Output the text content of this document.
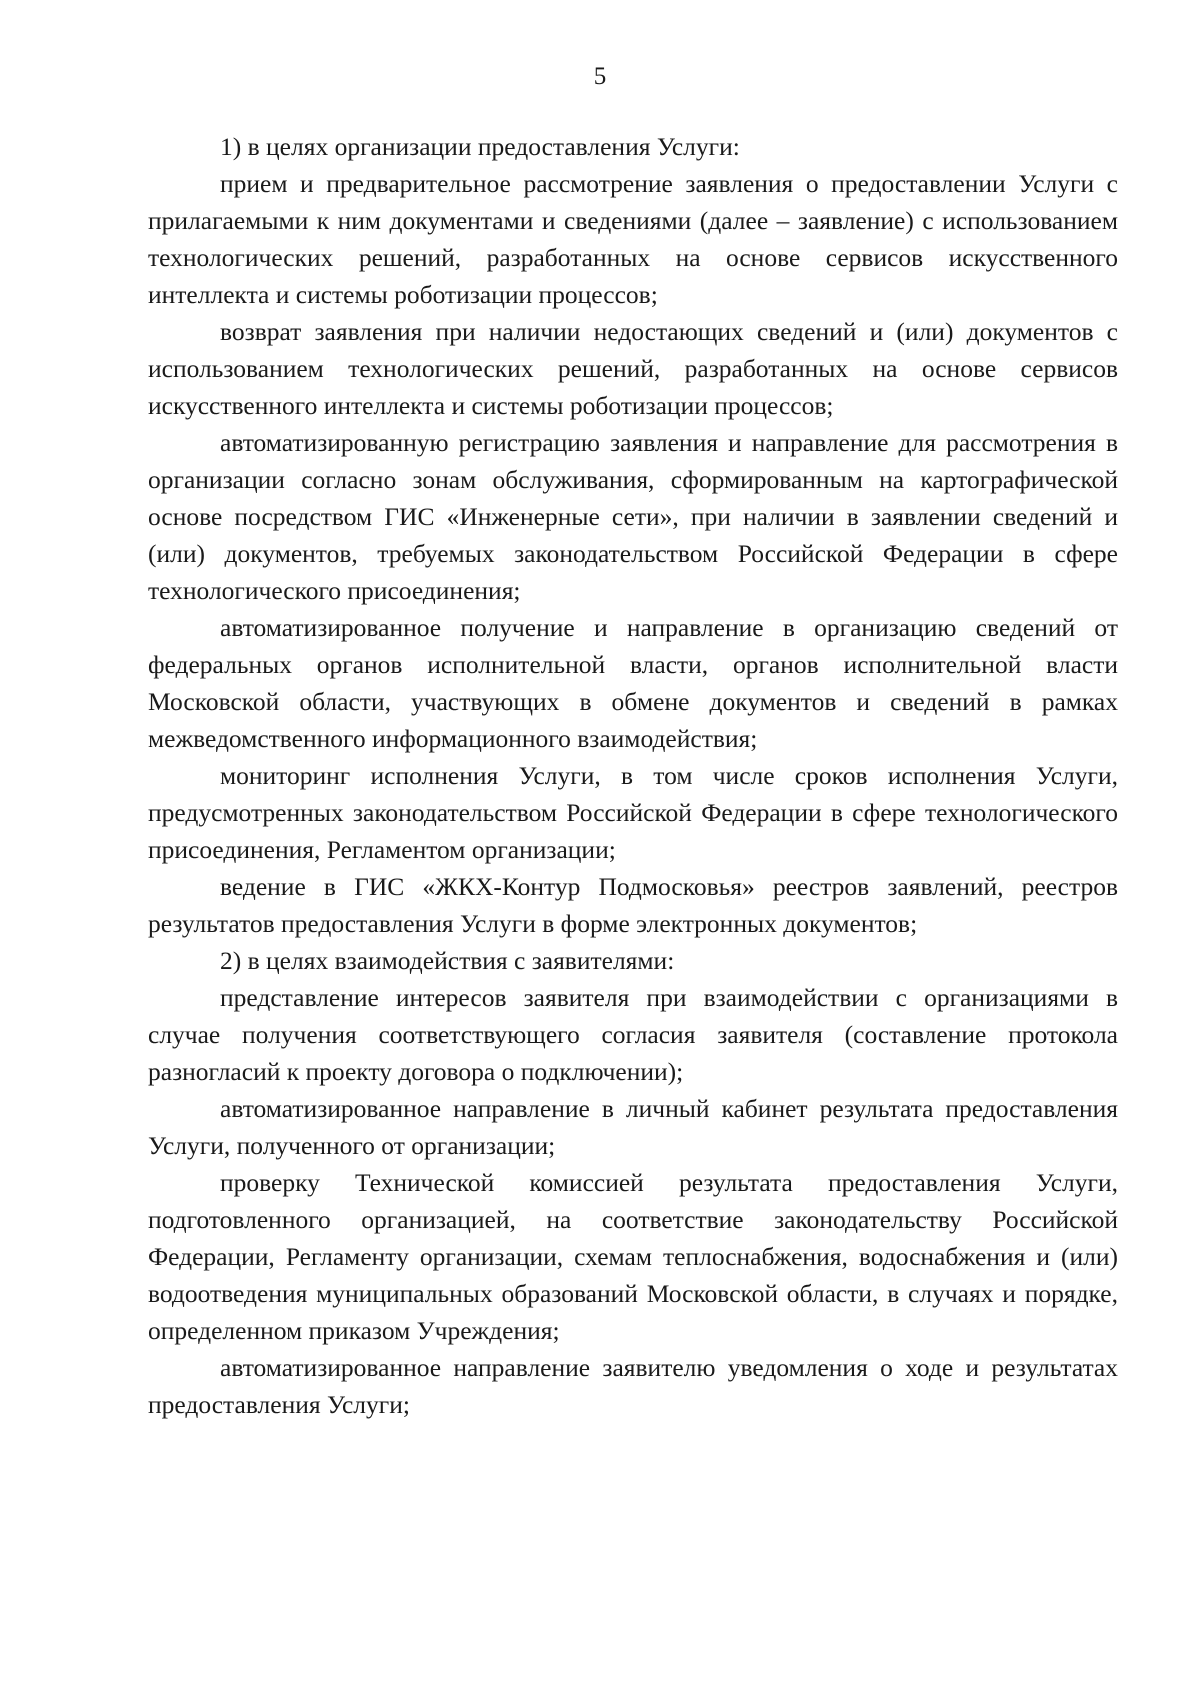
5

1) в целях организации предоставления Услуги:

прием и предварительное рассмотрение заявления о предоставлении Услуги с прилагаемыми к ним документами и сведениями (далее – заявление) с использованием технологических решений, разработанных на основе сервисов искусственного интеллекта и системы роботизации процессов;

возврат заявления при наличии недостающих сведений и (или) документов с использованием технологических решений, разработанных на основе сервисов искусственного интеллекта и системы роботизации процессов;

автоматизированную регистрацию заявления и направление для рассмотрения в организации согласно зонам обслуживания, сформированным на картографической основе посредством ГИС «Инженерные сети», при наличии в заявлении сведений и (или) документов, требуемых законодательством Российской Федерации в сфере технологического присоединения;

автоматизированное получение и направление в организацию сведений от федеральных органов исполнительной власти, органов исполнительной власти Московской области, участвующих в обмене документов и сведений в рамках межведомственного информационного взаимодействия;

мониторинг исполнения Услуги, в том числе сроков исполнения Услуги, предусмотренных законодательством Российской Федерации в сфере технологического присоединения, Регламентом организации;

ведение в ГИС «ЖКХ-Контур Подмосковья» реестров заявлений, реестров результатов предоставления Услуги в форме электронных документов;

2) в целях взаимодействия с заявителями:

представление интересов заявителя при взаимодействии с организациями в случае получения соответствующего согласия заявителя (составление протокола разногласий к проекту договора о подключении);

автоматизированное направление в личный кабинет результата предоставления Услуги, полученного от организации;

проверку Технической комиссией результата предоставления Услуги, подготовленного организацией, на соответствие законодательству Российской Федерации, Регламенту организации, схемам теплоснабжения, водоснабжения и (или) водоотведения муниципальных образований Московской области, в случаях и порядке, определенном приказом Учреждения;

автоматизированное направление заявителю уведомления о ходе и результатах предоставления Услуги;
